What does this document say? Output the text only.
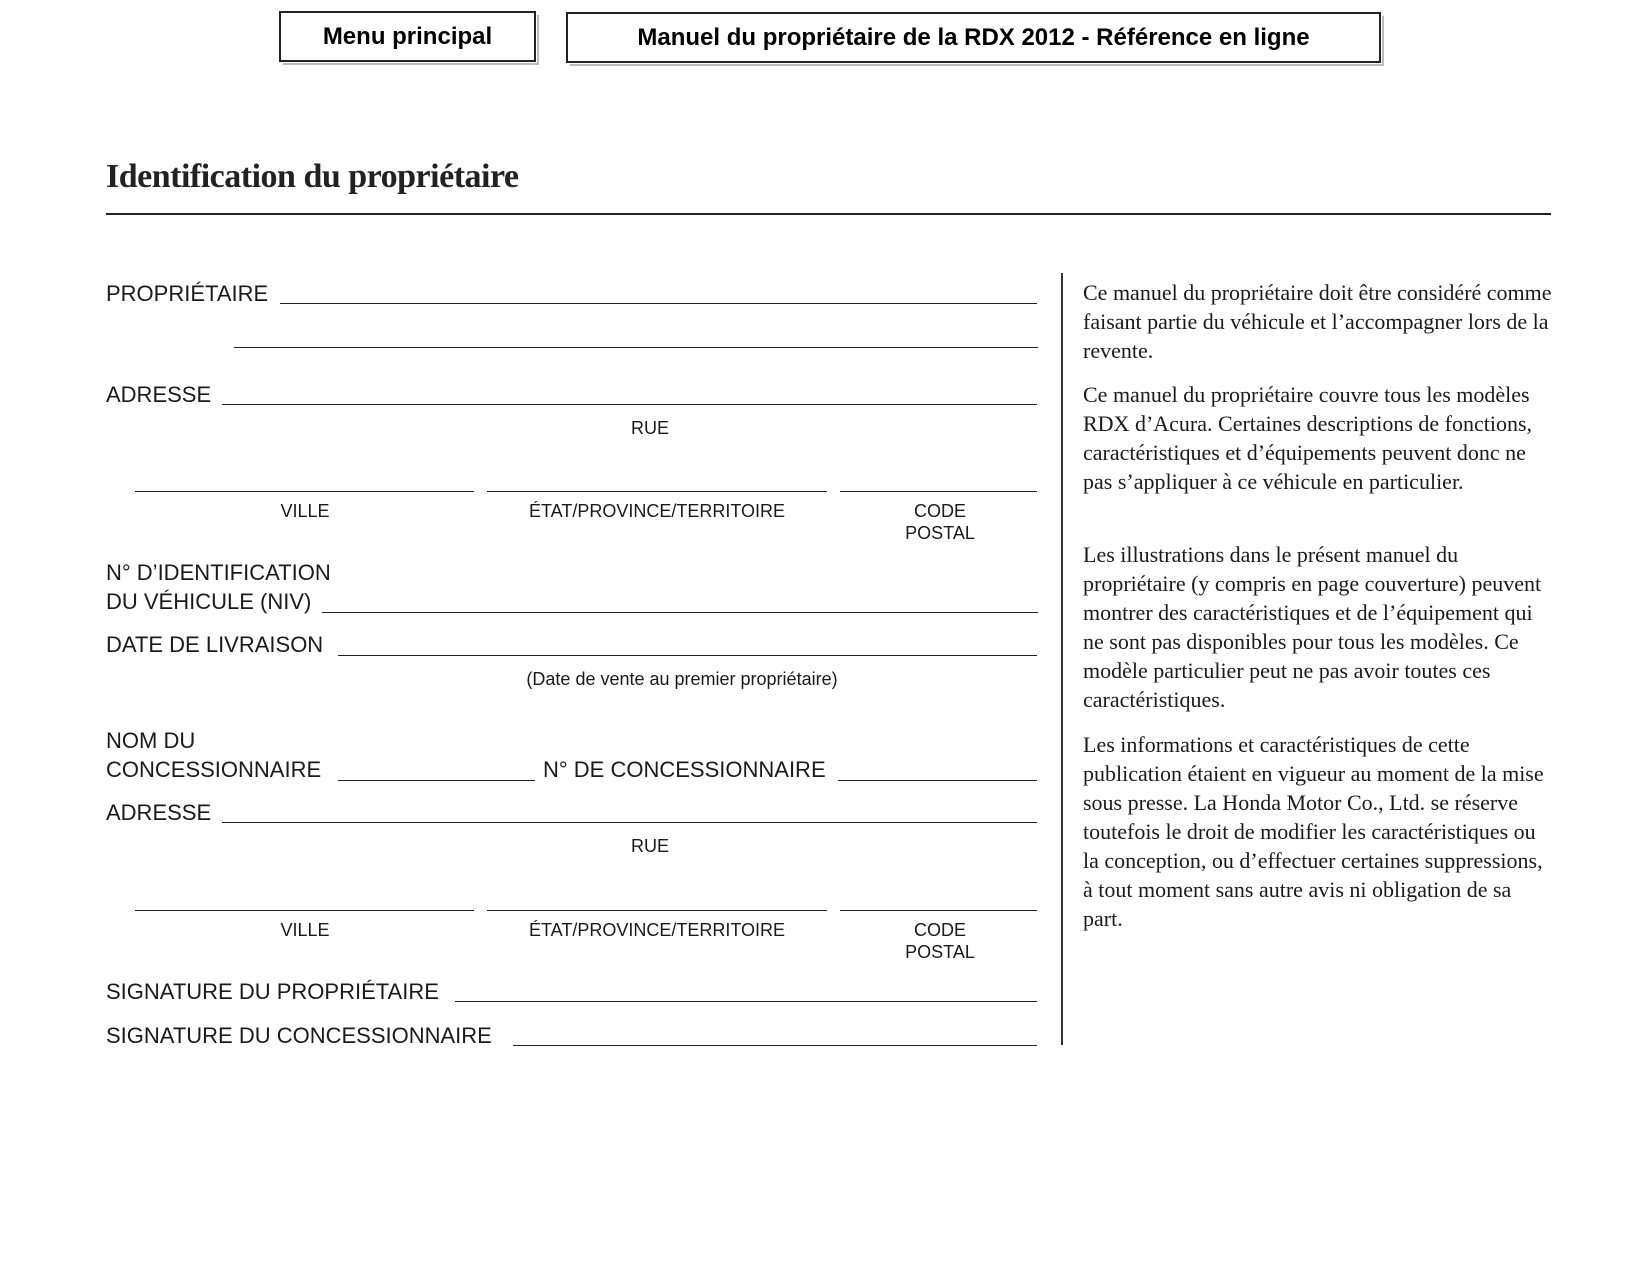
Menu principal	Manuel du propriétaire de la RDX 2012 - Référence en ligne
Identification du propriétaire
PROPRIÉTAIRE
ADRESSE
RUE
VILLE	ÉTAT/PROVINCE/TERRITOIRE	CODE
POSTAL
N° D’IDENTIFICATION
DU VÉHICULE (NIV)
DATE DE LIVRAISON
(Date de vente au premier propriétaire)
NOM DU
CONCESSIONNAIRE	N° DE CONCESSIONNAIRE
ADRESSE
RUE
VILLE	ÉTAT/PROVINCE/TERRITOIRE	CODE
POSTAL
SIGNATURE DU PROPRIÉTAIRE
SIGNATURE DU CONCESSIONNAIRE

Ce manuel du propriétaire doit être considéré comme faisant partie du véhicule et l’accompagner lors de la revente.

Ce manuel du propriétaire couvre tous les modèles RDX d’Acura. Certaines descriptions de fonctions, caractéristiques et d’équipements peuvent donc ne pas s’appliquer à ce véhicule en particulier.

Les illustrations dans le présent manuel du propriétaire (y compris en page couverture) peuvent montrer des caractéristiques et de l’équipement qui ne sont pas disponibles pour tous les modèles. Ce modèle particulier peut ne pas avoir toutes ces caractéristiques.

Les informations et caractéristiques de cette publication étaient en vigueur au moment de la mise sous presse. La Honda Motor Co., Ltd. se réserve toutefois le droit de modifier les caractéristiques ou la conception, ou d’effectuer certaines suppressions, à tout moment sans autre avis ni obligation de sa part.
